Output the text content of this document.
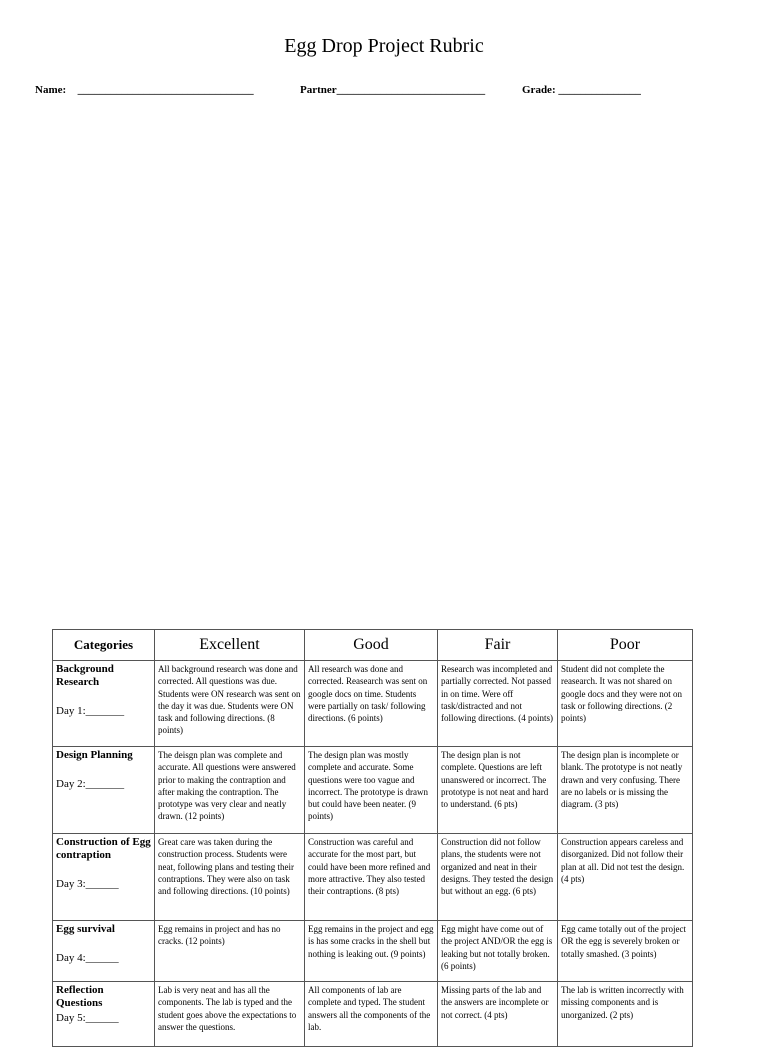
Egg Drop Project Rubric
Name: ________________________________	Partner___________________________	Grade: _______________
Categories	Excellent	Good	Fair	Poor

Background Research
Day 1:_______	All background research was done and corrected. All questions was due. Students were ON research was sent on the day it was due. Students were ON task and following directions. (8 points)	All research was done and corrected. Reasearch was sent on google docs on time. Students were partially on task/ following directions. (6 points)	Research was incompleted and partially corrected. Not passed in on time. Were off task/distracted and not following directions. (4 points)	Student did not complete the reasearch. It was not shared on google docs and they were not on task or following directions. (2 points)

Design Planning
Day 2:_______	The deisgn plan was complete and accurate. All questions were answered prior to making the contraption and after making the contraption. The prototype was very clear and neatly drawn. (12 points)	The design plan was mostly complete and accurate. Some questions were too vague and incorrect. The prototype is drawn but could have been neater. (9 points)	The design plan is not complete. Questions are left unanswered or incorrect. The prototype is not neat and hard to understand. (6 pts)	The design plan is incomplete or blank. The prototype is not neatly drawn and very confusing. There are no labels or is missing the diagram. (3 pts)

Construction of Egg contraption
Day 3:______	Great care was taken during the construction process. Students were neat, following plans and testing their contraptions. They were also on task and following directions. (10 points)	Construction was careful and accurate for the most part, but could have been more refined and more attractive. They also tested their contraptions. (8 pts)	Construction did not follow plans, the students were not organized and neat in their designs. They tested the design but without an egg. (6 pts)	Construction appears careless and disorganized. Did not follow their plan at all. Did not test the design. (4 pts)

Egg survival
Day 4:______	Egg remains in project and has no cracks. (12 points)	Egg remains in the project and egg is has some cracks in the shell but nothing is leaking out. (9 points)	Egg might have come out of the project AND/OR the egg is leaking but not totally broken. (6 points)	Egg came totally out of the project OR the egg is severely broken or totally smashed. (3 points)

Reflection Questions
Day 5:______	Lab is very neat and has all the components. The lab is typed and the student goes above the expectations to answer the questions.	All components of lab are complete and typed. The student answers all the components of the lab.	Missing parts of the lab and the answers are incomplete or not correct. (4 pts)	The lab is written incorrectly with missing components and is unorganized. (2 pts)
